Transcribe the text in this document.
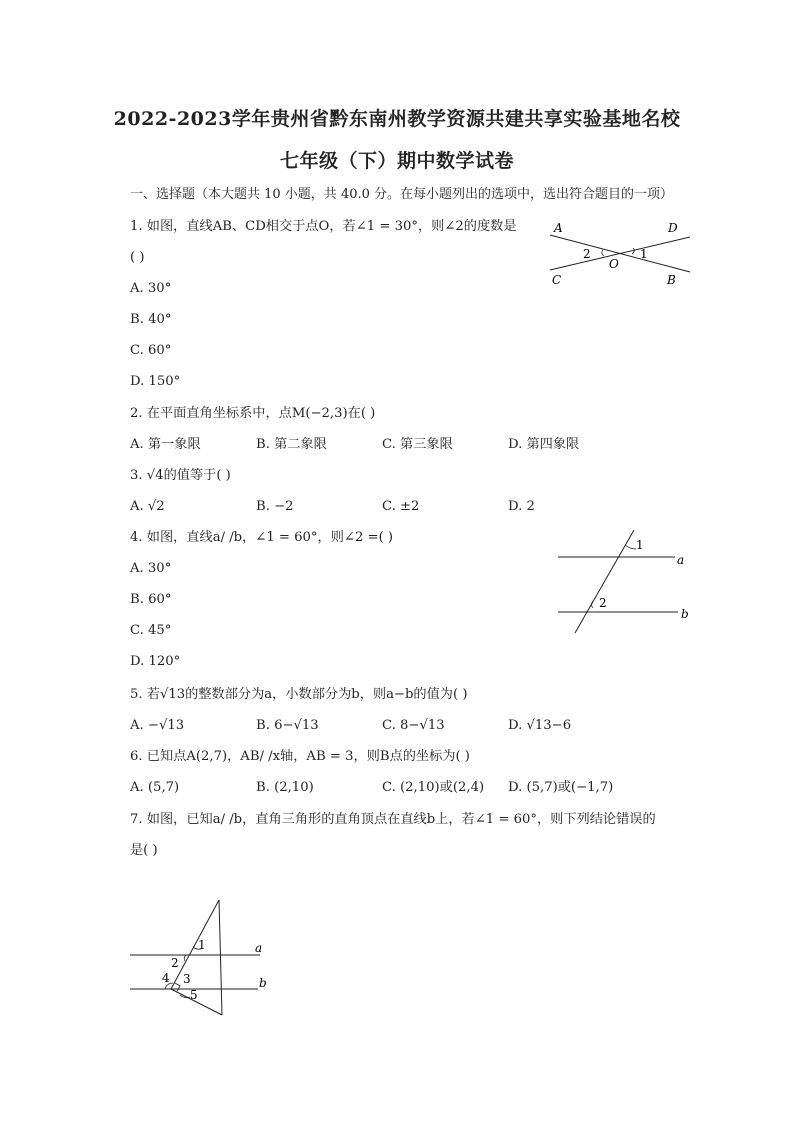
2022-2023学年贵州省黔东南州教学资源共建共享实验基地名校
七年级（下）期中数学试卷
一、选择题（本大题共 10 小题，共 40.0 分。在每小题列出的选项中，选出符合题目的一项）
1. 如图，直线AB、CD相交于点O，若∠1 = 30°，则∠2的度数是
( )
A. 30°
B. 40°
C. 60°
D. 150°
A	D
C	B
O
2	1
2. 在平面直角坐标系中，点M(−2,3)在( )
A. 第一象限	B. 第二象限	C. 第三象限	D. 第四象限
3. √4的值等于( )
A. √2	B. −2	C. ±2	D. 2
4. 如图，直线a/ /b，∠1 = 60°，则∠2 =( )
A. 30°
B. 60°
C. 45°
D. 120°
1
a
2
b
5. 若√13的整数部分为a，小数部分为b，则a−b的值为( )
A. −√13	B. 6−√13	C. 8−√13	D. √13−6
6. 已知点A(2,7)，AB/ /x轴，AB = 3，则B点的坐标为( )
A. (5,7)	B. (2,10)	C. (2,10)或(2,4) D. (5,7)或(−1,7)
7. 如图，已知a/ /b，直角三角形的直角顶点在直线b上，若∠1 = 60°，则下列结论错误的
是( )
1	a
2
3
4	b
5
